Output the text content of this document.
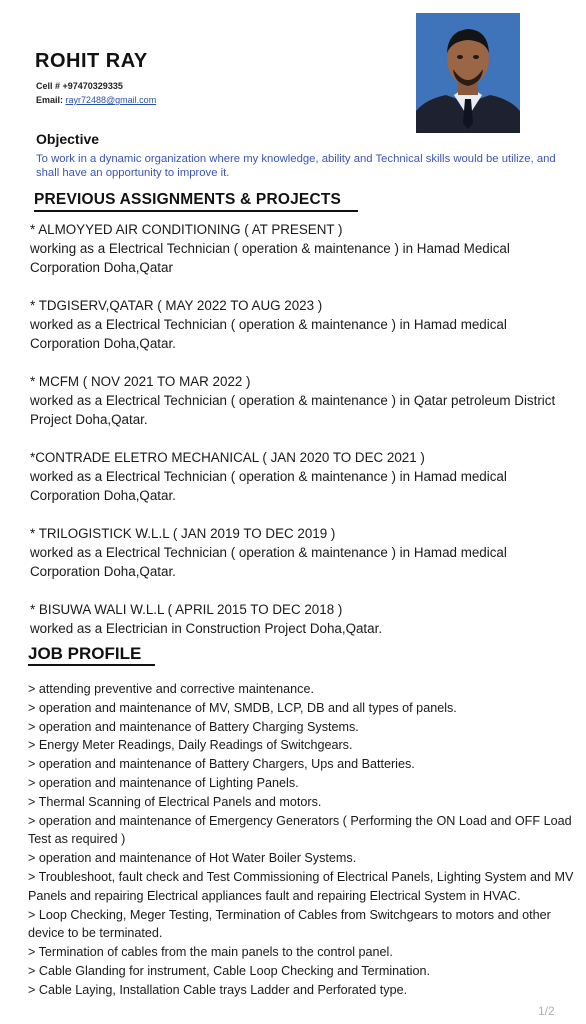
ROHIT RAY
Cell # +97470329335
Email: rayr72488@gmail.com
Objective
To work in a dynamic organization where my knowledge, ability and Technical skills would be utilize, and shall have an opportunity to improve it.
PREVIOUS ASSIGNMENTS & PROJECTS
* ALMOYYED AIR CONDITIONING ( AT PRESENT )
working as a Electrical Technician ( operation & maintenance ) in Hamad Medical Corporation Doha,Qatar
* TDGISERV,QATAR ( MAY 2022 TO AUG 2023 )
worked as a Electrical Technician ( operation & maintenance ) in Hamad medical Corporation Doha,Qatar.
* MCFM ( NOV 2021 TO MAR 2022 )
worked as a Electrical Technician ( operation & maintenance ) in Qatar petroleum District Project Doha,Qatar.
*CONTRADE ELETRO MECHANICAL ( JAN 2020 TO DEC 2021 )
worked as a Electrical Technician ( operation & maintenance ) in Hamad medical Corporation Doha,Qatar.
* TRILOGISTICK W.L.L ( JAN 2019 TO DEC 2019 )
worked as a Electrical Technician ( operation & maintenance ) in Hamad medical Corporation Doha,Qatar.
* BISUWA WALI W.L.L ( APRIL 2015 TO DEC 2018 )
worked as a Electrician in Construction Project Doha,Qatar.
JOB PROFILE
> attending preventive and corrective maintenance.
> operation and maintenance of MV, SMDB, LCP, DB and all types of panels.
> operation and maintenance of Battery Charging Systems.
> Energy Meter Readings, Daily Readings of Switchgears.
> operation and maintenance of Battery Chargers, Ups and Batteries.
> operation and maintenance of Lighting Panels.
> Thermal Scanning of Electrical Panels and motors.
> operation and maintenance of Emergency Generators ( Performing the ON Load and OFF Load Test as required )
> operation and maintenance of Hot Water Boiler Systems.
> Troubleshoot, fault check and Test Commissioning of Electrical Panels, Lighting System and MV Panels and repairing Electrical appliances fault and repairing Electrical System in HVAC.
> Loop Checking, Meger Testing, Termination of Cables from Switchgears to motors and other device to be terminated.
> Termination of cables from the main panels to the control panel.
> Cable Glanding for instrument, Cable Loop Checking and Termination.
> Cable Laying, Installation Cable trays Ladder and Perforated type.
1/2
